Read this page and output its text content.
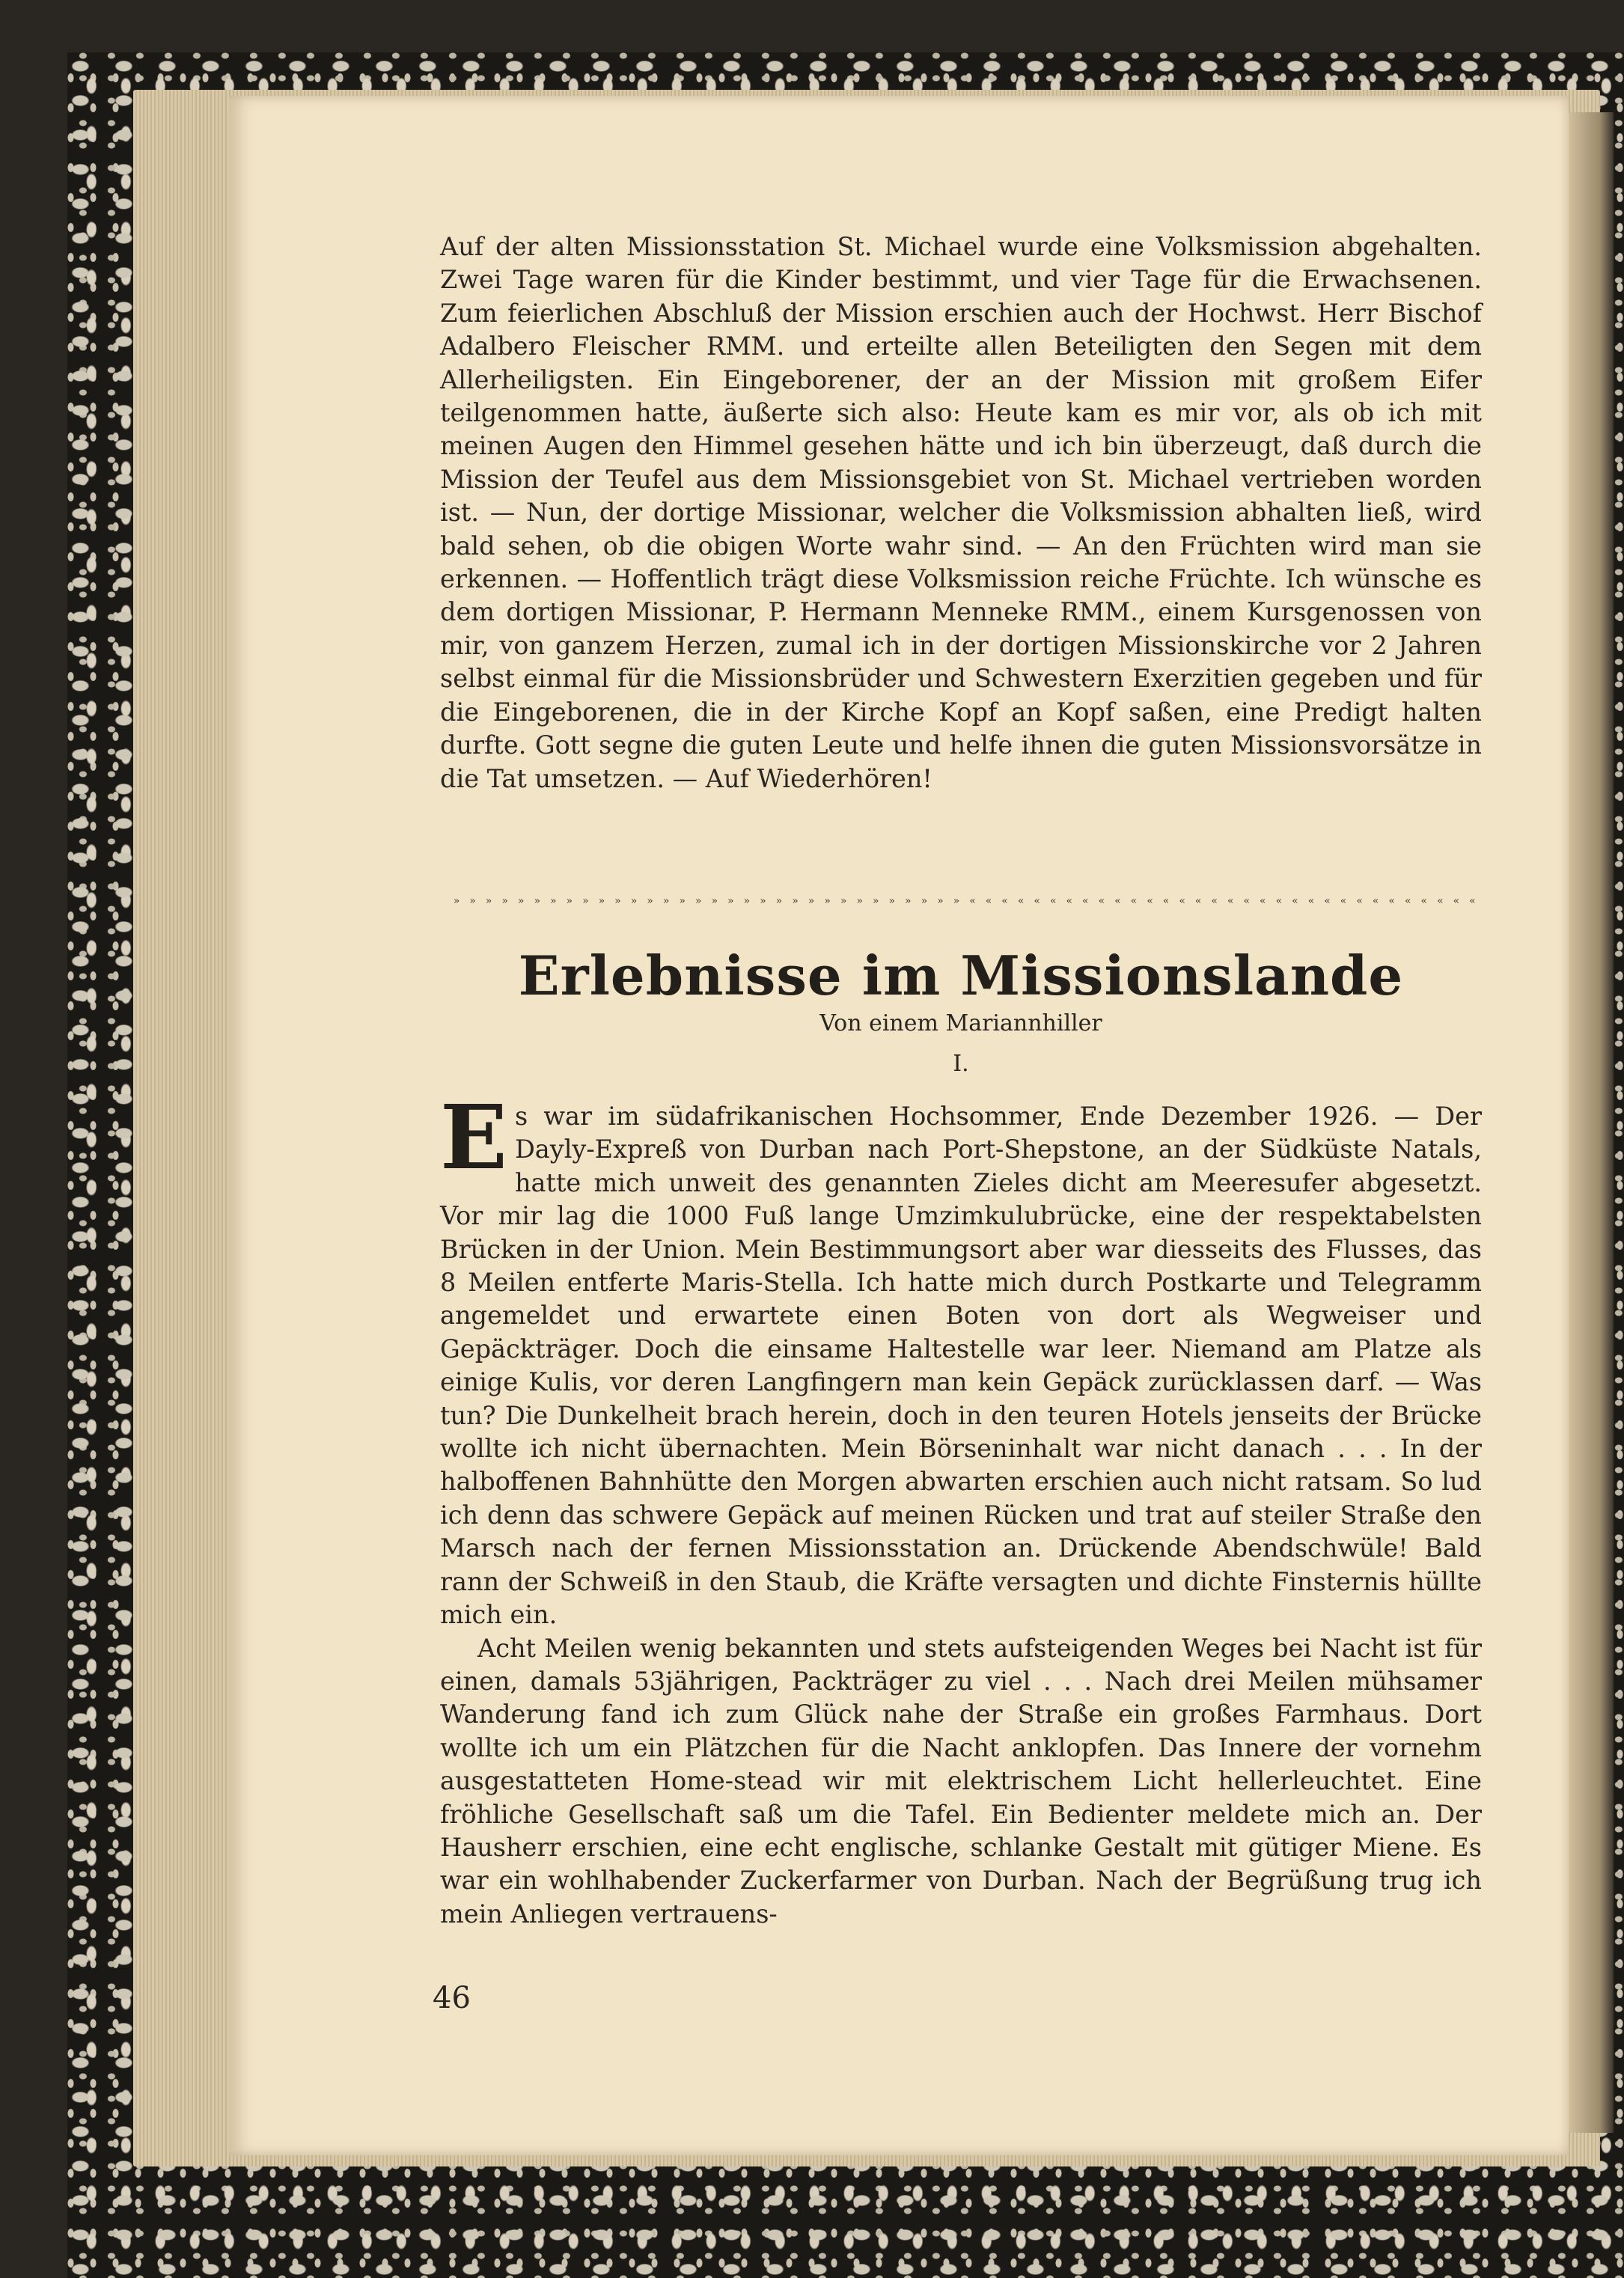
Auf der alten Missionsstation St. Michael wurde eine Volksmission abgehalten. Zwei Tage waren für die Kinder bestimmt, und vier Tage für die Erwachsenen. Zum feierlichen Abschluß der Mission erschien auch der Hochwst. Herr Bischof Adalbero Fleischer RMM. und erteilte allen Beteiligten den Segen mit dem Allerheiligsten. Ein Eingeborener, der an der Mission mit großem Eifer teilgenommen hatte, äußerte sich also: Heute kam es mir vor, als ob ich mit meinen Augen den Himmel gesehen hätte und ich bin überzeugt, daß durch die Mission der Teufel aus dem Missionsgebiet von St. Michael vertrieben worden ist. — Nun, der dortige Missionar, welcher die Volksmission abhalten ließ, wird bald sehen, ob die obigen Worte wahr sind. — An den Früchten wird man sie erkennen. — Hoffentlich trägt diese Volksmission reiche Früchte. Ich wünsche es dem dortigen Missionar, P. Hermann Menneke RMM., einem Kursgenossen von mir, von ganzem Herzen, zumal ich in der dortigen Missionskirche vor 2 Jahren selbst einmal für die Missionsbrüder und Schwestern Exerzitien gegeben und für die Eingeborenen, die in der Kirche Kopf an Kopf saßen, eine Predigt halten durfte. Gott segne die guten Leute und helfe ihnen die guten Missionsvorsätze in die Tat umsetzen. — Auf Wiederhören!

» » » » » » » » » » » » » » » » » » » » » » » » » » » » » » » » « « « « « « « « « « « « « « « « « « « « « « « « « « « « « « « «
Erlebnisse im Missionslande
Von einem Mariannhiller
I.

Es war im südafrikanischen Hochsommer, Ende Dezember 1926. — Der Dayly-Expreß von Durban nach Port-Shepstone, an der Südküste Natals, hatte mich unweit des genannten Zieles dicht am Meeresufer abgesetzt. Vor mir lag die 1000 Fuß lange Umzimkulubrücke, eine der respektabelsten Brücken in der Union. Mein Bestimmungsort aber war diesseits des Flusses, das 8 Meilen entferte Maris-Stella. Ich hatte mich durch Postkarte und Telegramm angemeldet und erwartete einen Boten von dort als Wegweiser und Gepäckträger. Doch die einsame Haltestelle war leer. Niemand am Platze als einige Kulis, vor deren Langfingern man kein Gepäck zurücklassen darf. — Was tun? Die Dunkelheit brach herein, doch in den teuren Hotels jenseits der Brücke wollte ich nicht übernachten. Mein Börseninhalt war nicht danach . . . In der halboffenen Bahnhütte den Morgen abwarten erschien auch nicht ratsam. So lud ich denn das schwere Gepäck auf meinen Rücken und trat auf steiler Straße den Marsch nach der fernen Missionsstation an. Drückende Abendschwüle! Bald rann der Schweiß in den Staub, die Kräfte versagten und dichte Finsternis hüllte mich ein.

Acht Meilen wenig bekannten und stets aufsteigenden Weges bei Nacht ist für einen, damals 53jährigen, Packträger zu viel . . . Nach drei Meilen mühsamer Wanderung fand ich zum Glück nahe der Straße ein großes Farmhaus. Dort wollte ich um ein Plätzchen für die Nacht anklopfen. Das Innere der vornehm ausgestatteten Home-stead wir mit elektrischem Licht hellerleuchtet. Eine fröhliche Gesellschaft saß um die Tafel. Ein Bedienter meldete mich an. Der Hausherr erschien, eine echt englische, schlanke Gestalt mit gütiger Miene. Es war ein wohlhabender Zuckerfarmer von Durban. Nach der Begrüßung trug ich mein Anliegen vertrauens-

46
